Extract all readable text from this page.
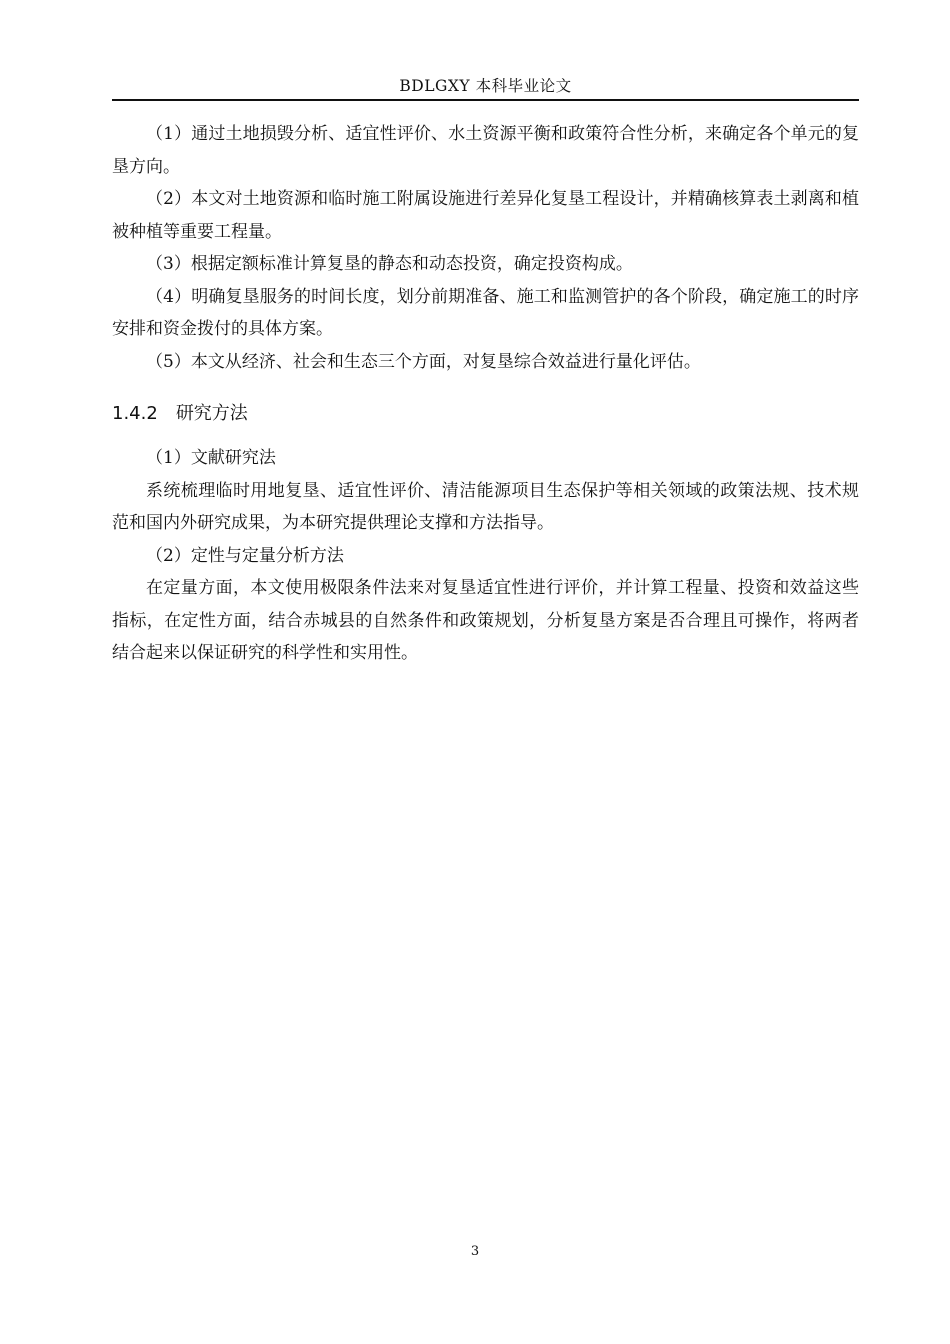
BDLGXY 本科毕业论文

（1）通过土地损毁分析、适宜性评价、水土资源平衡和政策符合性分析，来确定各个单元的复垦方向。

（2）本文对土地资源和临时施工附属设施进行差异化复垦工程设计，并精确核算表土剥离和植被种植等重要工程量。

（3）根据定额标准计算复垦的静态和动态投资，确定投资构成。

（4）明确复垦服务的时间长度，划分前期准备、施工和监测管护的各个阶段，确定施工的时序安排和资金拨付的具体方案。

（5）本文从经济、社会和生态三个方面，对复垦综合效益进行量化评估。

1.4.2 研究方法

（1）文献研究法

系统梳理临时用地复垦、适宜性评价、清洁能源项目生态保护等相关领域的政策法规、技术规范和国内外研究成果，为本研究提供理论支撑和方法指导。

（2）定性与定量分析方法

在定量方面，本文使用极限条件法来对复垦适宜性进行评价，并计算工程量、投资和效益这些指标，在定性方面，结合赤城县的自然条件和政策规划，分析复垦方案是否合理且可操作，将两者结合起来以保证研究的科学性和实用性。

3
